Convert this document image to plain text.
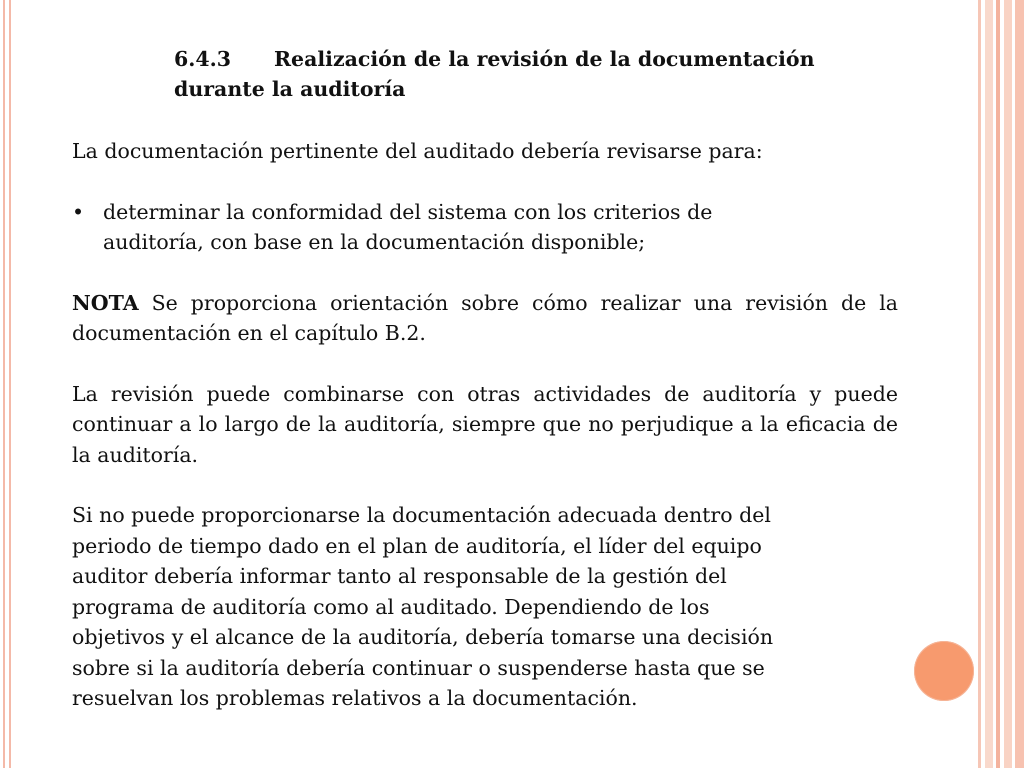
6.4.3 Realización de la revisión de la documentación
durante la auditoría

La documentación pertinente del auditado debería revisarse para:

• determinar la conformidad del sistema con los criterios de
auditoría, con base en la documentación disponible;

NOTA Se proporciona orientación sobre cómo realizar una revisión de la documentación en el capítulo B.2.

La revisión puede combinarse con otras actividades de auditoría y puede continuar a lo largo de la auditoría, siempre que no perjudique a la eficacia de la auditoría.

Si no puede proporcionarse la documentación adecuada dentro del
periodo de tiempo dado en el plan de auditoría, el líder del equipo
auditor debería informar tanto al responsable de la gestión del
programa de auditoría como al auditado. Dependiendo de los
objetivos y el alcance de la auditoría, debería tomarse una decisión
sobre si la auditoría debería continuar o suspenderse hasta que se
resuelvan los problemas relativos a la documentación.
